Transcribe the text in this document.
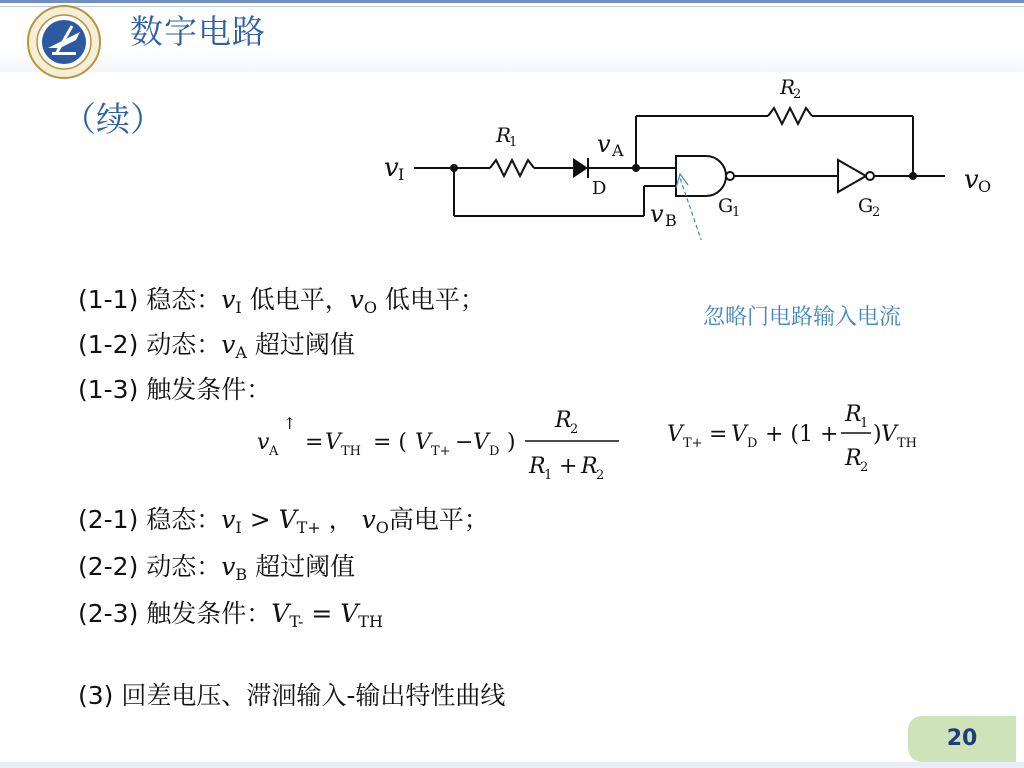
数字电路
（续）
v I
R
1	v A
R
2
D
v B
G
1	G
2
v O
忽略门电路输入电流
(1-1) 稳态：$v_I$ 低电平，$v_O$ 低电平；
(1-2) 动态：$v_A$ 超过阈值
(1-3) 触发条件：
v A
↑
= V TH = ( V T+ − V D )
R
2
R
1 + R
2
V T+ = V D + (1 +
R
1
R
2
) V TH
(2-1) 稳态：$v_I > V_{T+}$ ， $v_O$高电平；
(2-2) 动态：$v_B$ 超过阈值
(2-3) 触发条件：$V_{T-} = V_{TH}$
(3) 回差电压、滞洄输入-输出特性曲线
20
